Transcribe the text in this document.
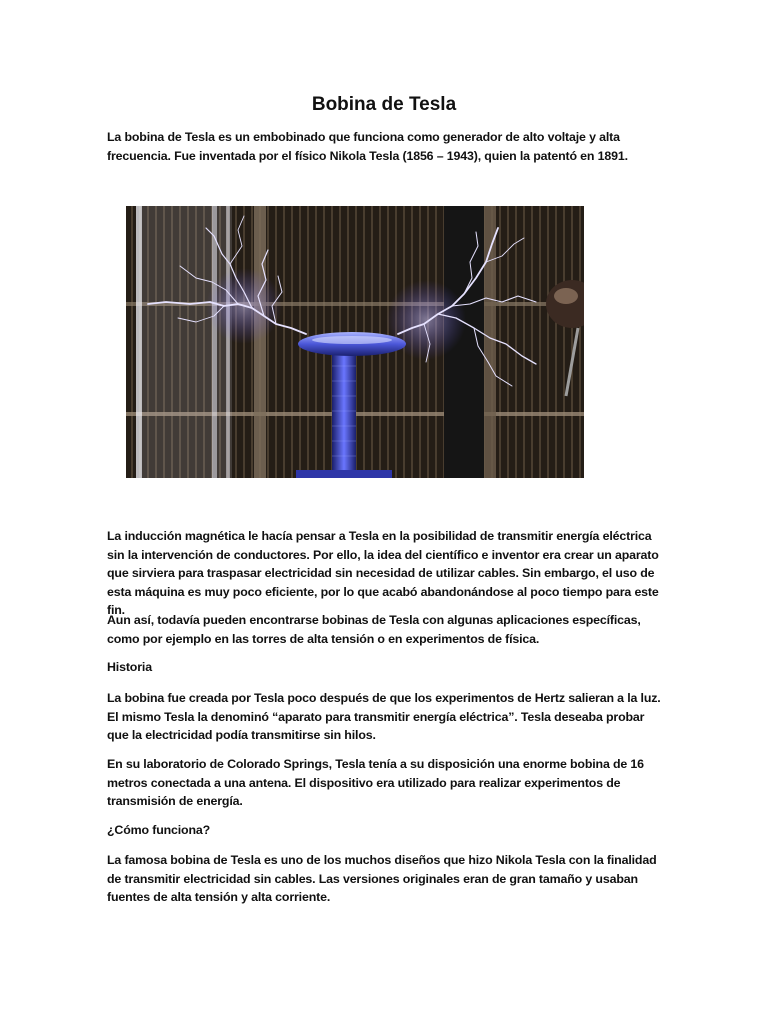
Bobina de Tesla

La bobina de Tesla es un embobinado que funciona como generador de alto voltaje y alta frecuencia. Fue inventada por el físico Nikola Tesla (1856 – 1943), quien la patentó en 1891.

La inducción magnética le hacía pensar a Tesla en la posibilidad de transmitir energía eléctrica sin la intervención de conductores. Por ello, la idea del científico e inventor era crear un aparato que sirviera para traspasar electricidad sin necesidad de utilizar cables. Sin embargo, el uso de esta máquina es muy poco eficiente, por lo que acabó abandonándose al poco tiempo para este fin.

Aun así, todavía pueden encontrarse bobinas de Tesla con algunas aplicaciones específicas, como por ejemplo en las torres de alta tensión o en experimentos de física.

Historia

La bobina fue creada por Tesla poco después de que los experimentos de Hertz salieran a la luz. El mismo Tesla la denominó “aparato para transmitir energía eléctrica”. Tesla deseaba probar que la electricidad podía transmitirse sin hilos.

En su laboratorio de Colorado Springs, Tesla tenía a su disposición una enorme bobina de 16 metros conectada a una antena. El dispositivo era utilizado para realizar experimentos de transmisión de energía.

¿Cómo funciona?

La famosa bobina de Tesla es uno de los muchos diseños que hizo Nikola Tesla con la finalidad de transmitir electricidad sin cables. Las versiones originales eran de gran tamaño y usaban fuentes de alta tensión y alta corriente.
